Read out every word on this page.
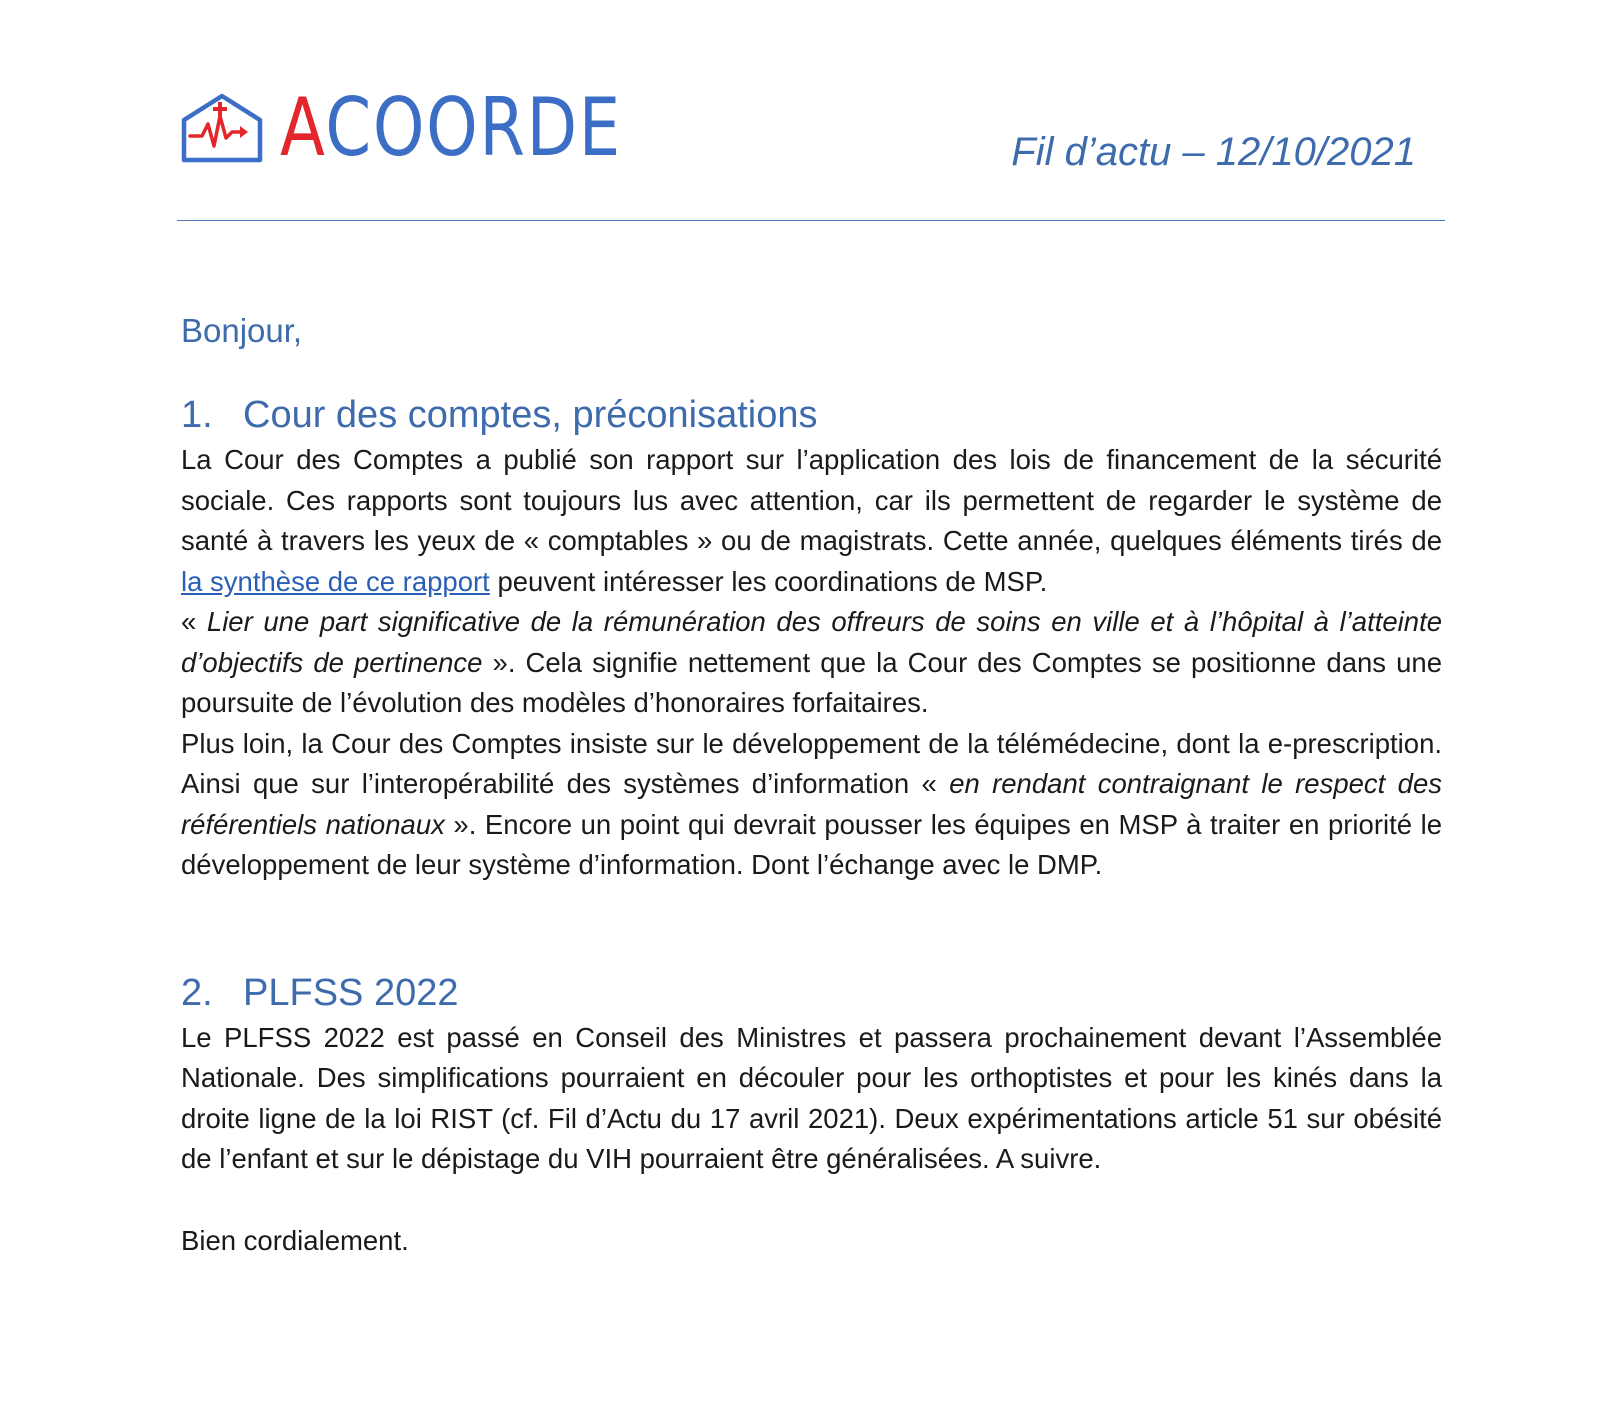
ACOORDE	Fil d’actu – 12/10/2021
Bonjour,
1. Cour des comptes, préconisations

La Cour des Comptes a publié son rapport sur l’application des lois de financement de la sécurité sociale. Ces rapports sont toujours lus avec attention, car ils permettent de regarder le système de santé à travers les yeux de « comptables » ou de magistrats. Cette année, quelques éléments tirés de la synthèse de ce rapport peuvent intéresser les coordinations de MSP.

« Lier une part significative de la rémunération des offreurs de soins en ville et à l’hôpital à l’atteinte d’objectifs de pertinence ». Cela signifie nettement que la Cour des Comptes se positionne dans une poursuite de l’évolution des modèles d’honoraires forfaitaires.

Plus loin, la Cour des Comptes insiste sur le développement de la télémédecine, dont la e-prescription. Ainsi que sur l’interopérabilité des systèmes d’information « en rendant contraignant le respect des référentiels nationaux ». Encore un point qui devrait pousser les équipes en MSP à traiter en priorité le développement de leur système d’information. Dont l’échange avec le DMP.

2. PLFSS 2022

Le PLFSS 2022 est passé en Conseil des Ministres et passera prochainement devant l’Assemblée Nationale. Des simplifications pourraient en découler pour les orthoptistes et pour les kinés dans la droite ligne de la loi RIST (cf. Fil d’Actu du 17 avril 2021). Deux expérimentations article 51 sur obésité de l’enfant et sur le dépistage du VIH pourraient être généralisées. A suivre.

Bien cordialement.
